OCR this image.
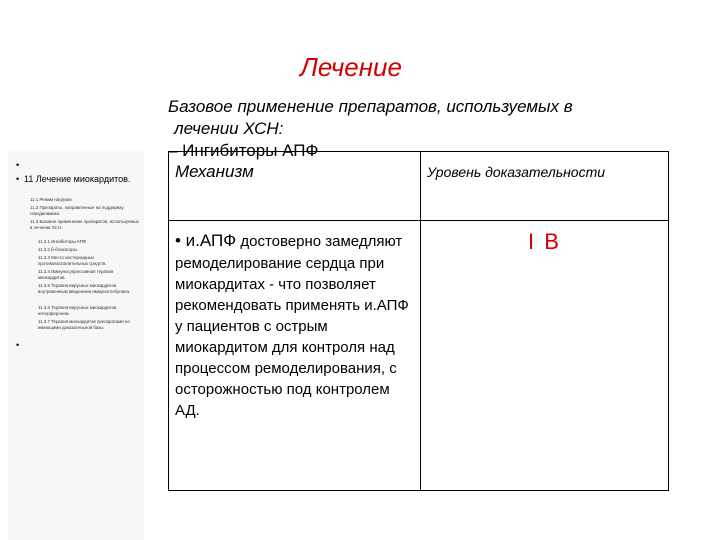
•
• 11 Лечение миокардитов.
11.1 Режим нагрузки
11.2 Препараты, направленные на поддержку гемодинамики.
11.3 Базовое применение препаратов, используемых в лечении ХСН.
11.3.1 Ингибиторы АПФ
11.3.2 β-блокаторы.
11.3.3 Место нестероидных противовоспалительных средств.
11.3.4 Иммуносупрессивная терапия миокардитов.
11.3.5 Терапия вирусных миокардитов внутривенным введением иммуноглобулина.
11.3.6 Терапия вирусных миокардитов интерфероном.
11.3.7 Терапия миокардитов препаратами не имеющими доказательной базы.
•
Лечение
Базовое применение препаратов, используемых в
лечении ХСН:
– Ингибиторы АПФ
Механизм	Уровень доказательности
• и.АПФ достоверно замедляют ремоделирование сердца при миокардитах - что позволяет рекомендовать применять и.АПФ у пациентов с острым миокардитом для контроля над процессом ремоделирования, с осторожностью под контролем АД.	I B
